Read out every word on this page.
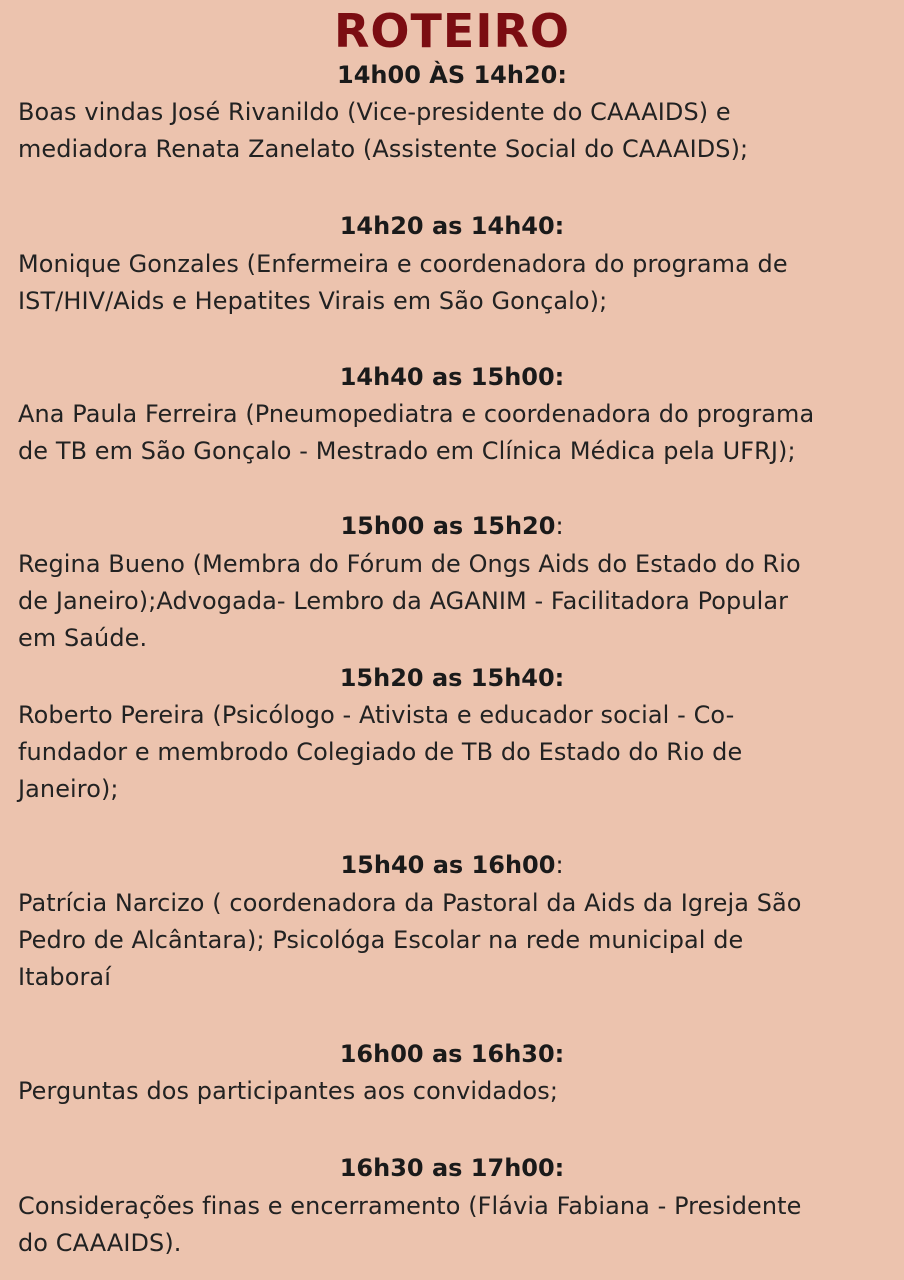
ROTEIRO
14h00 ÀS 14h20:
Boas vindas José Rivanildo (Vice-presidente do CAAAIDS) e
mediadora Renata Zanelato (Assistente Social do CAAAIDS);
14h20 as 14h40:
Monique Gonzales (Enfermeira e coordenadora do programa de
IST/HIV/Aids e Hepatites Virais em São Gonçalo);
14h40 as 15h00:
Ana Paula Ferreira (Pneumopediatra e coordenadora do programa
de TB em São Gonçalo - Mestrado em Clínica Médica pela UFRJ);
15h00 as 15h20:
Regina Bueno (Membra do Fórum de Ongs Aids do Estado do Rio
de Janeiro);Advogada- Lembro da AGANIM - Facilitadora Popular
em Saúde.
15h20 as 15h40:
Roberto Pereira (Psicólogo - Ativista e educador social - Co-
fundador e membrodo Colegiado de TB do Estado do Rio de
Janeiro);
15h40 as 16h00:
Patrícia Narcizo ( coordenadora da Pastoral da Aids da Igreja São
Pedro de Alcântara); Psicológa Escolar na rede municipal de
Itaboraí
16h00 as 16h30:
Perguntas dos participantes aos convidados;
16h30 as 17h00:
Considerações finas e encerramento (Flávia Fabiana - Presidente
do CAAAIDS).
